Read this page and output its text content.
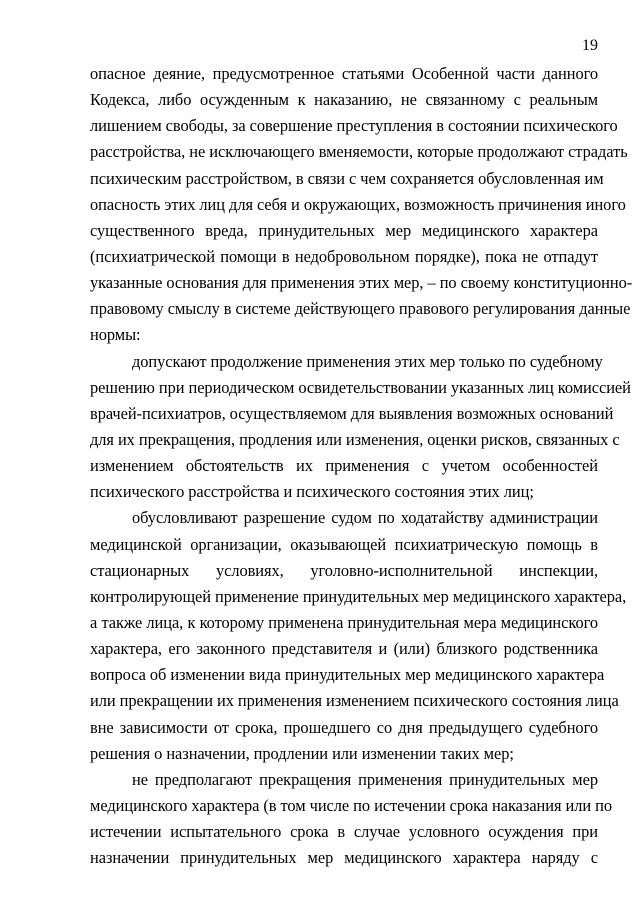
19
опасное деяние, предусмотренное статьями Особенной части данного
Кодекса, либо осужденным к наказанию, не связанному с реальным
лишением свободы, за совершение преступления в состоянии психического
расстройства, не исключающего вменяемости, которые продолжают страдать
психическим расстройством, в связи с чем сохраняется обусловленная им
опасность этих лиц для себя и окружающих, возможность причинения иного
существенного вреда, принудительных мер медицинского характера
(психиатрической помощи в недобровольном порядке), пока не отпадут
указанные основания для применения этих мер, – по своему конституционно-
правовому смыслу в системе действующего правового регулирования данные
нормы:
допускают продолжение применения этих мер только по судебному
решению при периодическом освидетельствовании указанных лиц комиссией
врачей-психиатров, осуществляемом для выявления возможных оснований
для их прекращения, продления или изменения, оценки рисков, связанных с
изменением обстоятельств их применения с учетом особенностей
психического расстройства и психического состояния этих лиц;
обусловливают разрешение судом по ходатайству администрации
медицинской организации, оказывающей психиатрическую помощь в
стационарных условиях, уголовно-исполнительной инспекции,
контролирующей применение принудительных мер медицинского характера,
а также лица, к которому применена принудительная мера медицинского
характера, его законного представителя и (или) близкого родственника
вопроса об изменении вида принудительных мер медицинского характера
или прекращении их применения изменением психического состояния лица
вне зависимости от срока, прошедшего со дня предыдущего судебного
решения о назначении, продлении или изменении таких мер;
не предполагают прекращения применения принудительных мер
медицинского характера (в том числе по истечении срока наказания или по
истечении испытательного срока в случае условного осуждения при
назначении принудительных мер медицинского характера наряду с
